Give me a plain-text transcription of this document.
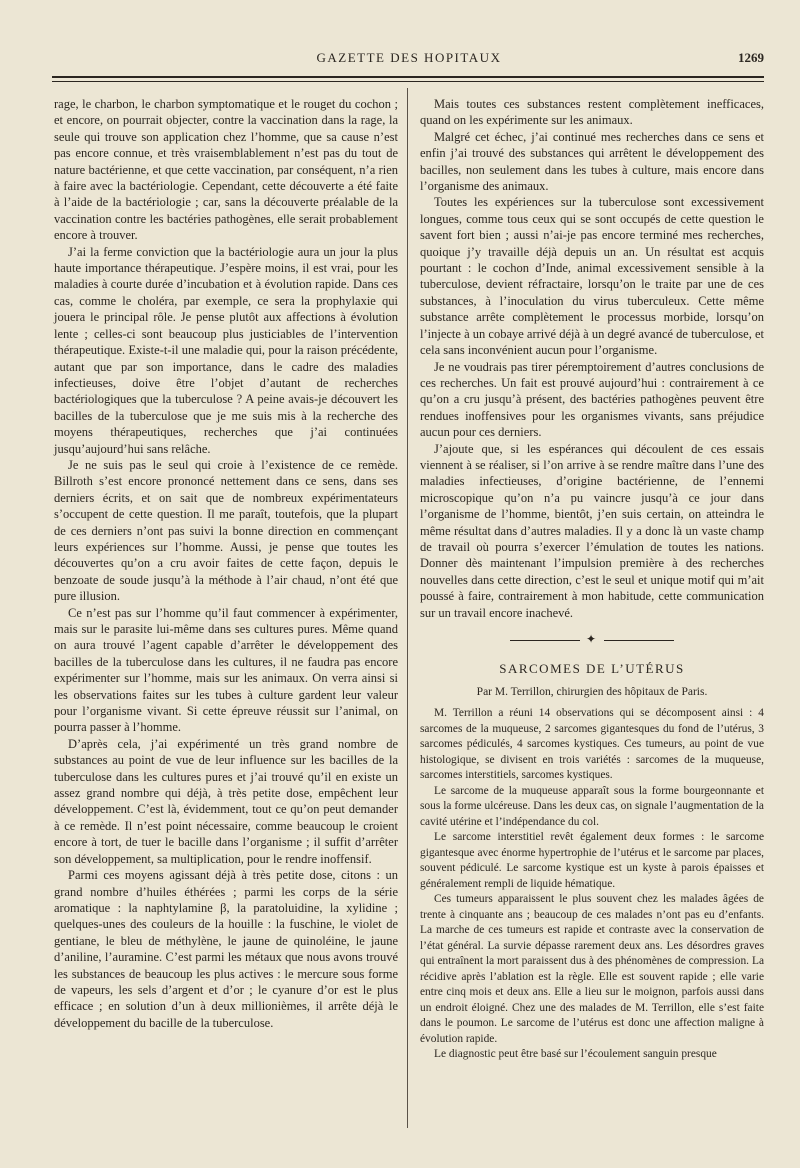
GAZETTE DES HOPITAUX	1269

rage, le charbon, le charbon symptomatique et le rouget du cochon ; et encore, on pourrait objecter, contre la vaccination dans la rage, la seule qui trouve son application chez l’homme, que sa cause n’est pas encore connue, et très vraisemblablement n’est pas du tout de nature bactérienne, et que cette vaccination, par conséquent, n’a rien à faire avec la bactériologie. Cependant, cette découverte a été faite à l’aide de la bactériologie ; car, sans la découverte préalable de la vaccination contre les bactéries pathogènes, elle serait probablement encore à trouver.

J’ai la ferme conviction que la bactériologie aura un jour la plus haute importance thérapeutique. J’espère moins, il est vrai, pour les maladies à courte durée d’incubation et à évolution rapide. Dans ces cas, comme le choléra, par exemple, ce sera la prophylaxie qui jouera le principal rôle. Je pense plutôt aux affections à évolution lente ; celles-ci sont beaucoup plus justiciables de l’intervention thérapeutique. Existe-t-il une maladie qui, pour la raison précédente, autant que par son importance, dans le cadre des maladies infectieuses, doive être l’objet d’autant de recherches bactériologiques que la tuberculose ? A peine avais-je découvert les bacilles de la tuberculose que je me suis mis à la recherche des moyens thérapeutiques, recherches que j’ai continuées jusqu’aujourd’hui sans relâche.

Je ne suis pas le seul qui croie à l’existence de ce remède. Billroth s’est encore prononcé nettement dans ce sens, dans ses derniers écrits, et on sait que de nombreux expérimentateurs s’occupent de cette question. Il me paraît, toutefois, que la plupart de ces derniers n’ont pas suivi la bonne direction en commençant leurs expériences sur l’homme. Aussi, je pense que toutes les découvertes qu’on a cru avoir faites de cette façon, depuis le benzoate de soude jusqu’à la méthode à l’air chaud, n’ont été que pure illusion.

Ce n’est pas sur l’homme qu’il faut commencer à expérimenter, mais sur le parasite lui-même dans ses cultures pures. Même quand on aura trouvé l’agent capable d’arrêter le développement des bacilles de la tuberculose dans les cultures, il ne faudra pas encore expérimenter sur l’homme, mais sur les animaux. On verra ainsi si les observations faites sur les tubes à culture gardent leur valeur pour l’organisme vivant. Si cette épreuve réussit sur l’animal, on pourra passer à l’homme.

D’après cela, j’ai expérimenté un très grand nombre de substances au point de vue de leur influence sur les bacilles de la tuberculose dans les cultures pures et j’ai trouvé qu’il en existe un assez grand nombre qui déjà, à très petite dose, empêchent leur développement. C’est là, évidemment, tout ce qu’on peut demander à ce remède. Il n’est point nécessaire, comme beaucoup le croient encore à tort, de tuer le bacille dans l’organisme ; il suffit d’arrêter son développement, sa multiplication, pour le rendre inoffensif.

Parmi ces moyens agissant déjà à très petite dose, citons : un grand nombre d’huiles éthérées ; parmi les corps de la série aromatique : la naphtylamine β, la paratoluidine, la xylidine ; quelques-unes des couleurs de la houille : la fuschine, le violet de gentiane, le bleu de méthylène, le jaune de quinoléine, le jaune d’aniline, l’auramine. C’est parmi les métaux que nous avons trouvé les substances de beaucoup les plus actives : le mercure sous forme de vapeurs, les sels d’argent et d’or ; le cyanure d’or est le plus efficace ; en solution d’un à deux millionièmes, il arrête déjà le développement du bacille de la tuberculose.

Mais toutes ces substances restent complètement inefficaces, quand on les expérimente sur les animaux.

Malgré cet échec, j’ai continué mes recherches dans ce sens et enfin j’ai trouvé des substances qui arrêtent le développement des bacilles, non seulement dans les tubes à culture, mais encore dans l’organisme des animaux.

Toutes les expériences sur la tuberculose sont excessivement longues, comme tous ceux qui se sont occupés de cette question le savent fort bien ; aussi n’ai-je pas encore terminé mes recherches, quoique j’y travaille déjà depuis un an. Un résultat est acquis pourtant : le cochon d’Inde, animal excessivement sensible à la tuberculose, devient réfractaire, lorsqu’on le traite par une de ces substances, à l’inoculation du virus tuberculeux. Cette même substance arrête complètement le processus morbide, lorsqu’on l’injecte à un cobaye arrivé déjà à un degré avancé de tuberculose, et cela sans inconvénient aucun pour l’organisme.

Je ne voudrais pas tirer péremptoirement d’autres conclusions de ces recherches. Un fait est prouvé aujourd’hui : contrairement à ce qu’on a cru jusqu’à présent, des bactéries pathogènes peuvent être rendues inoffensives pour les organismes vivants, sans préjudice aucun pour ces derniers.

J’ajoute que, si les espérances qui découlent de ces essais viennent à se réaliser, si l’on arrive à se rendre maître dans l’une des maladies infectieuses, d’origine bactérienne, de l’ennemi microscopique qu’on n’a pu vaincre jusqu’à ce jour dans l’organisme de l’homme, bientôt, j’en suis certain, on atteindra le même résultat dans d’autres maladies. Il y a donc là un vaste champ de travail où pourra s’exercer l’émulation de toutes les nations. Donner dès maintenant l’impulsion première à des recherches nouvelles dans cette direction, c’est le seul et unique motif qui m’ait poussé à faire, contrairement à mon habitude, cette communication sur un travail encore inachevé.

✦
SARCOMES DE L’UTÉRUS
Par M. Terrillon, chirurgien des hôpitaux de Paris.

M. Terrillon a réuni 14 observations qui se décomposent ainsi : 4 sarcomes de la muqueuse, 2 sarcomes gigantesques du fond de l’utérus, 3 sarcomes pédiculés, 4 sarcomes kystiques. Ces tumeurs, au point de vue histologique, se divisent en trois variétés : sarcomes de la muqueuse, sarcomes interstitiels, sarcomes kystiques.

Le sarcome de la muqueuse apparaît sous la forme bourgeonnante et sous la forme ulcéreuse. Dans les deux cas, on signale l’augmentation de la cavité utérine et l’indépendance du col.

Le sarcome interstitiel revêt également deux formes : le sarcome gigantesque avec énorme hypertrophie de l’utérus et le sarcome par places, souvent pédiculé. Le sarcome kystique est un kyste à parois épaisses et généralement rempli de liquide hématique.

Ces tumeurs apparaissent le plus souvent chez les malades âgées de trente à cinquante ans ; beaucoup de ces malades n’ont pas eu d’enfants. La marche de ces tumeurs est rapide et contraste avec la conservation de l’état général. La survie dépasse rarement deux ans. Les désordres graves qui entraînent la mort paraissent dus à des phénomènes de compression. La récidive après l’ablation est la règle. Elle est souvent rapide ; elle varie entre cinq mois et deux ans. Elle a lieu sur le moignon, parfois aussi dans un endroit éloigné. Chez une des malades de M. Terrillon, elle s’est faite dans le poumon. Le sarcome de l’utérus est donc une affection maligne à évolution rapide.

Le diagnostic peut être basé sur l’écoulement sanguin presque
